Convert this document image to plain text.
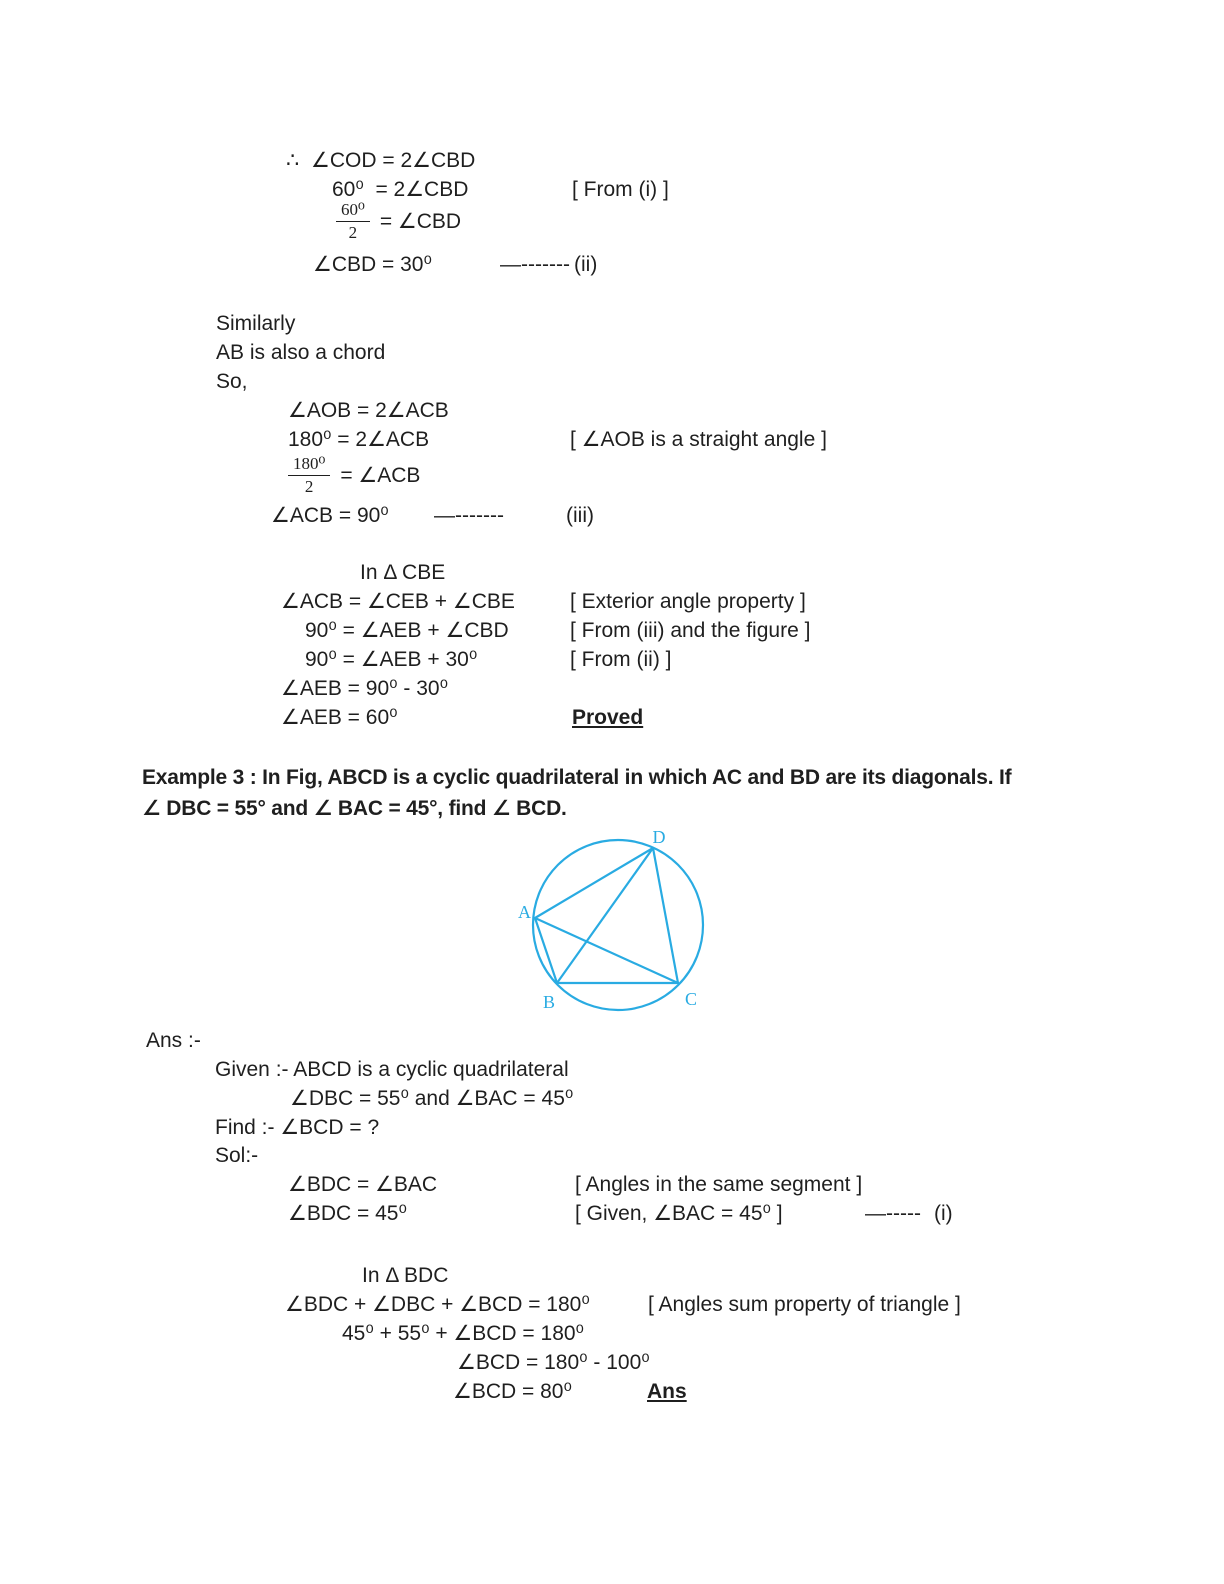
∴  ∠COD = 2∠CBD
60⁰  = 2∠CBD	[ From (i) ]
$\frac{\text{60⁰}}{2}$ = ∠CBD
∠CBD = 30⁰	—------- (ii)
Similarly
AB is also a chord
So,
∠AOB = 2∠ACB
180⁰ = 2∠ACB	[ ∠AOB is a straight angle ]
$\frac{\text{180⁰}}{2}$ = ∠ACB
∠ACB = 90⁰ —-------	(iii)
In Δ CBE
∠ACB = ∠CEB + ∠CBE	[ Exterior angle property ]
90⁰ = ∠AEB + ∠CBD	[ From (iii) and the figure ]
90⁰ = ∠AEB + 30⁰	[ From (ii) ]
∠AEB = 90⁰ - 30⁰
∠AEB = 60⁰	Proved
Example 3 : In Fig, ABCD is a cyclic quadrilateral in which AC and BD are its diagonals. If
∠ DBC = 55° and ∠ BAC = 45°, find ∠ BCD.
A
B	C
D
Ans :-
Given :- ABCD is a cyclic quadrilateral
∠DBC = 55⁰ and ∠BAC = 45⁰
Find :- ∠BCD = ?
Sol:-
∠BDC = ∠BAC	[ Angles in the same segment ]
∠BDC = 45⁰	[ Given, ∠BAC = 45⁰ ]	—----- (i)
In Δ BDC
∠BDC + ∠DBC + ∠BCD = 180⁰	[ Angles sum property of triangle ]
45⁰ + 55⁰ + ∠BCD = 180⁰
∠BCD = 180⁰ - 100⁰
∠BCD = 80⁰	Ans
